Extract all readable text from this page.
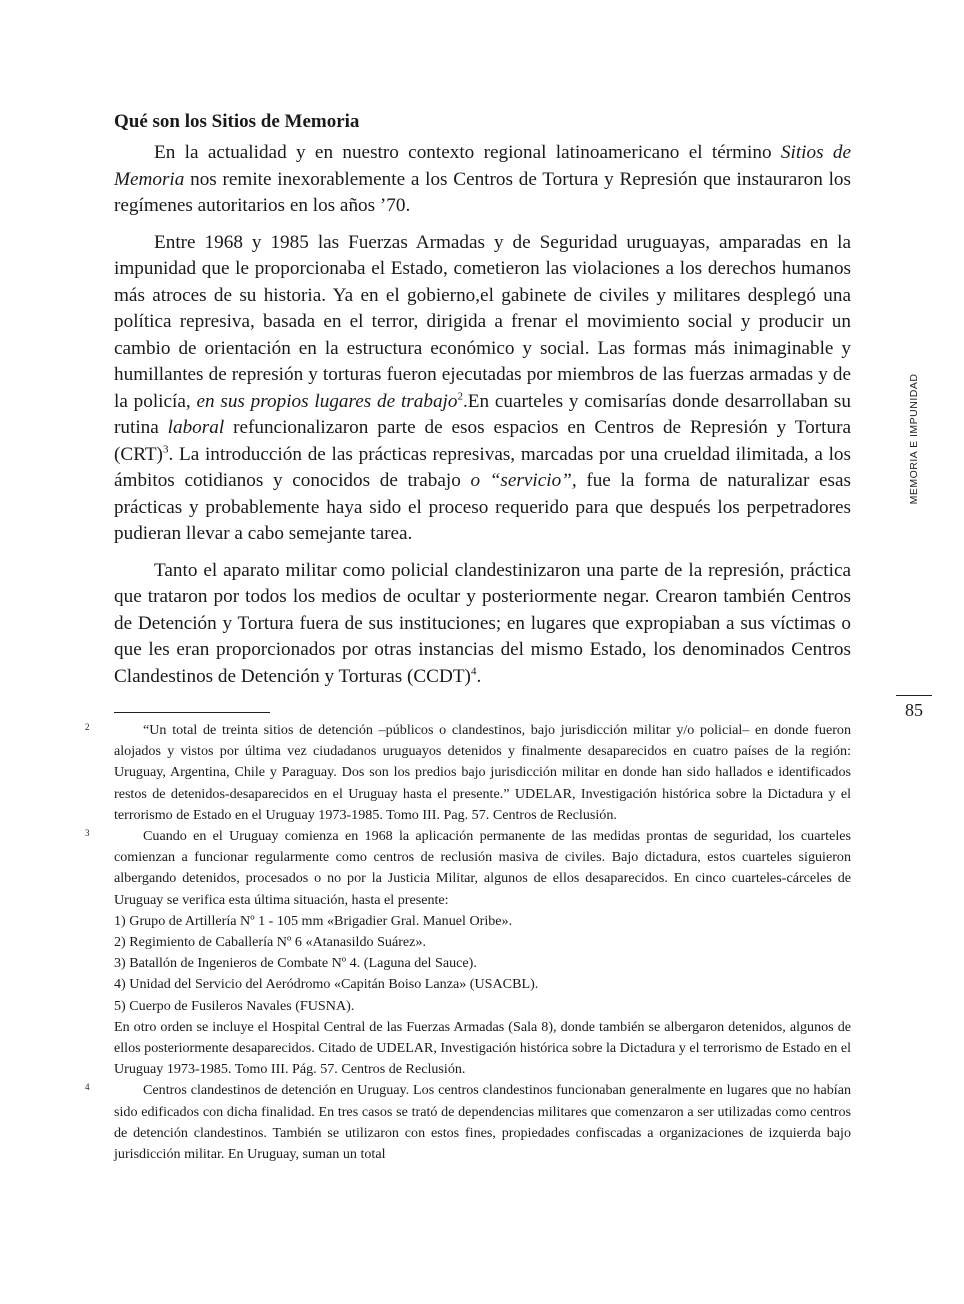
Qué son los Sitios de Memoria

En la actualidad y en nuestro contexto regional latinoamericano el término Sitios de Memoria nos remite inexorablemente a los Centros de Tortura y Represión que instauraron los regímenes autoritarios en los años ’70.

Entre 1968 y 1985 las Fuerzas Armadas y de Seguridad uruguayas, amparadas en la impunidad que le proporcionaba el Estado, cometieron las violaciones a los derechos humanos más atroces de su historia. Ya en el gobierno,el gabinete de civiles y militares desplegó una política represiva, basada en el terror, dirigida a frenar el movimiento social y producir un cambio de orientación en la estructura económico y social. Las formas más inimaginable y humillantes de represión y torturas fueron ejecutadas por miembros de las fuerzas armadas y de la policía, en sus propios lugares de trabajo$^2$.En cuarteles y comisarías donde desarrollaban su rutina laboral refuncionalizaron parte de esos espacios en Centros de Represión y Tortura (CRT)$^3$. La introducción de las prácticas represivas, marcadas por una crueldad ilimitada, a los ámbitos cotidianos y conocidos de trabajo o “servicio”, fue la forma de naturalizar esas prácticas y probablemente haya sido el proceso requerido para que después los perpetradores pudieran llevar a cabo semejante tarea.

Tanto el aparato militar como policial clandestinizaron una parte de la represión, práctica que trataron por todos los medios de ocultar y posteriormente negar. Crearon también Centros de Detención y Tortura fuera de sus instituciones; en lugares que expropiaban a sus víctimas o que les eran proporcionados por otras instancias del mismo Estado, los denominados Centros Clandestinos de Detención y Torturas (CCDT)$^4$.

2	“Un total de treinta sitios de detención –públicos o clandestinos, bajo jurisdicción militar y/o policial– en donde fueron alojados y vistos por última vez ciudadanos uruguayos detenidos y finalmente desaparecidos en cuatro países de la región: Uruguay, Argentina, Chile y Paraguay. Dos son los predios bajo jurisdicción militar en donde han sido hallados e identificados restos de detenidos-desaparecidos en el Uruguay hasta el presente.” UDELAR, Investigación histórica sobre la Dictadura y el terrorismo de Estado en el Uruguay 1973-1985. Tomo III. Pag. 57. Centros de Reclusión.

3	Cuando en el Uruguay comienza en 1968 la aplicación permanente de las medidas prontas de seguridad, los cuarteles comienzan a funcionar regularmente como centros de reclusión masiva de civiles. Bajo dictadura, estos cuarteles siguieron albergando detenidos, procesados o no por la Justicia Militar, algunos de ellos desaparecidos. En cinco cuarteles-cárceles de Uruguay se verifica esta última situación, hasta el presente:

1) Grupo de Artillería Nº 1 - 105 mm «Brigadier Gral. Manuel Oribe».

2) Regimiento de Caballería Nº 6 «Atanasildo Suárez».

3) Batallón de Ingenieros de Combate Nº 4. (Laguna del Sauce).

4) Unidad del Servicio del Aeródromo «Capitán Boiso Lanza» (USACBL).

5) Cuerpo de Fusileros Navales (FUSNA).

En otro orden se incluye el Hospital Central de las Fuerzas Armadas (Sala 8), donde también se albergaron detenidos, algunos de ellos posteriormente desaparecidos. Citado de UDELAR, Investigación histórica sobre la Dictadura y el terrorismo de Estado en el Uruguay 1973-1985. Tomo III. Pág. 57. Centros de Reclusión.

4	Centros clandestinos de detención en Uruguay. Los centros clandestinos funcionaban generalmente en lugares que no habían sido edificados con dicha finalidad. En tres casos se trató de dependencias militares que comenzaron a ser utilizadas como centros de detención clandestinos. También se utilizaron con estos fines, propiedades confiscadas a organizaciones de izquierda bajo jurisdicción militar. En Uruguay, suman un total

MEMORIA E IMPUNIDAD
85
